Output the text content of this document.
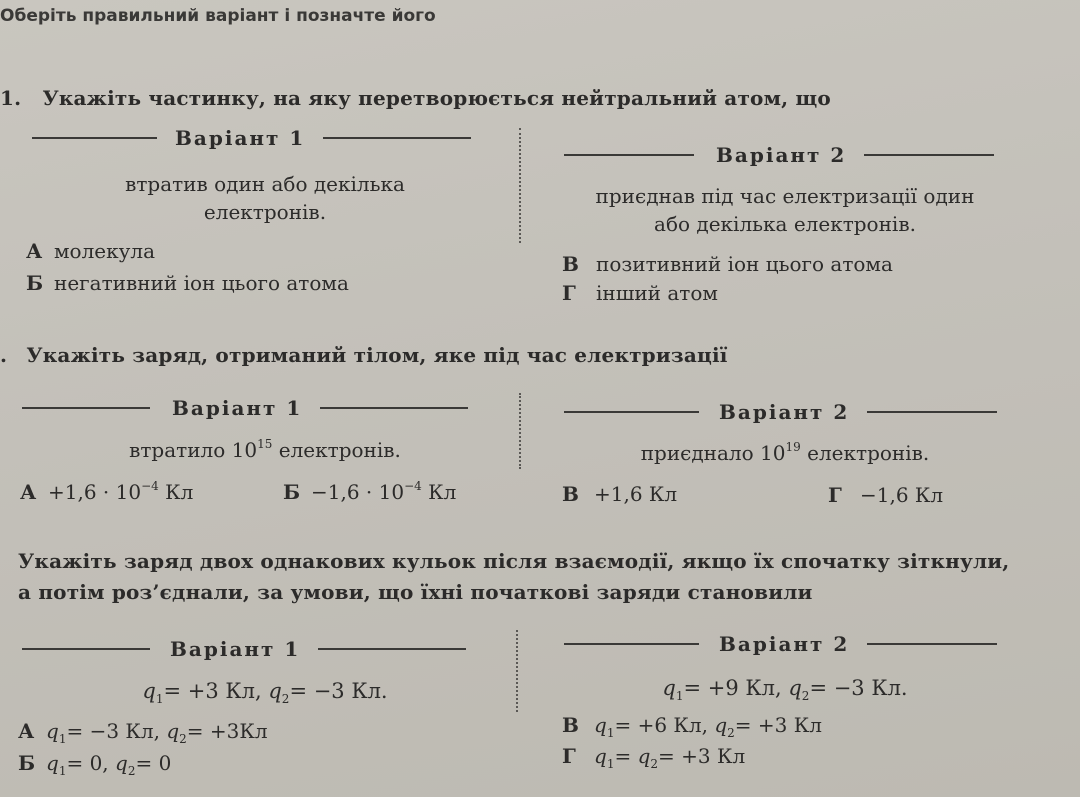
Оберіть правильний варіант і позначте його
1. Укажіть частинку, на яку перетворюється нейтральний атом, що
Варіант 1
Варіант 2
втратив один або декілька
електронів.
приєднав під час електризації один
або декілька електронів.
А молекула
Б негативний іон цього атома
В позитивний іон цього атома
Г інший атом
. Укажіть заряд, отриманий тілом, яке під час електризації
Варіант 1	Варіант 2
втратило $10^{15}$ електронів.	приєднало $10^{19}$ електронів.
$А +1,6 \cdot 10^{-4}$ Кл	$Б -1,6 \cdot 10^{-4}$ Кл	В +1,6 Кл	Г −1,6 Кл
Укажіть заряд двох однакових кульок після взаємодії, якщо їх спочатку зіткнули,
а потім роз’єднали, за умови, що їхні початкові заряди становили
Варіант 1	Варіант 2
$q_1= +3$ Кл, $q_2= -3$ Кл.	$q_1= +9$ Кл, $q_2= -3$ Кл.
А $q_1= -3$ Кл, $q_2= +3Кл$
Б $q_1= 0$, $q_2= 0$
В $q_1= +6$ Кл, $q_2= +3$ Кл
Г $q_1= q_2= +3$ Кл
